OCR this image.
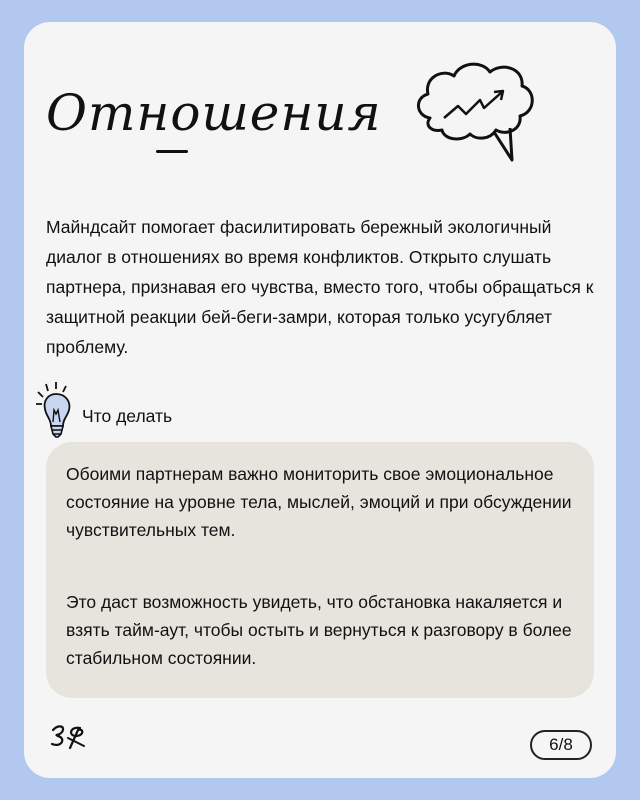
Отношения

Майндсайт помогает фасилитировать бережный экологичный диалог в отношениях во время конфликтов. Открыто слушать партнера, признавая его чувства, вместо того, чтобы обращаться к защитной реакции бей-беги-замри, которая только усугубляет проблему.

Что делать

Обоими партнерам важно мониторить свое эмоциональное состояние на уровне тела, мыслей, эмоций и при обсуждении чувствительных тем.

Это даст возможность увидеть, что обстановка накаляется и взять тайм-аут, чтобы остыть и вернуться к разговору в более стабильном состоянии.

6/8
